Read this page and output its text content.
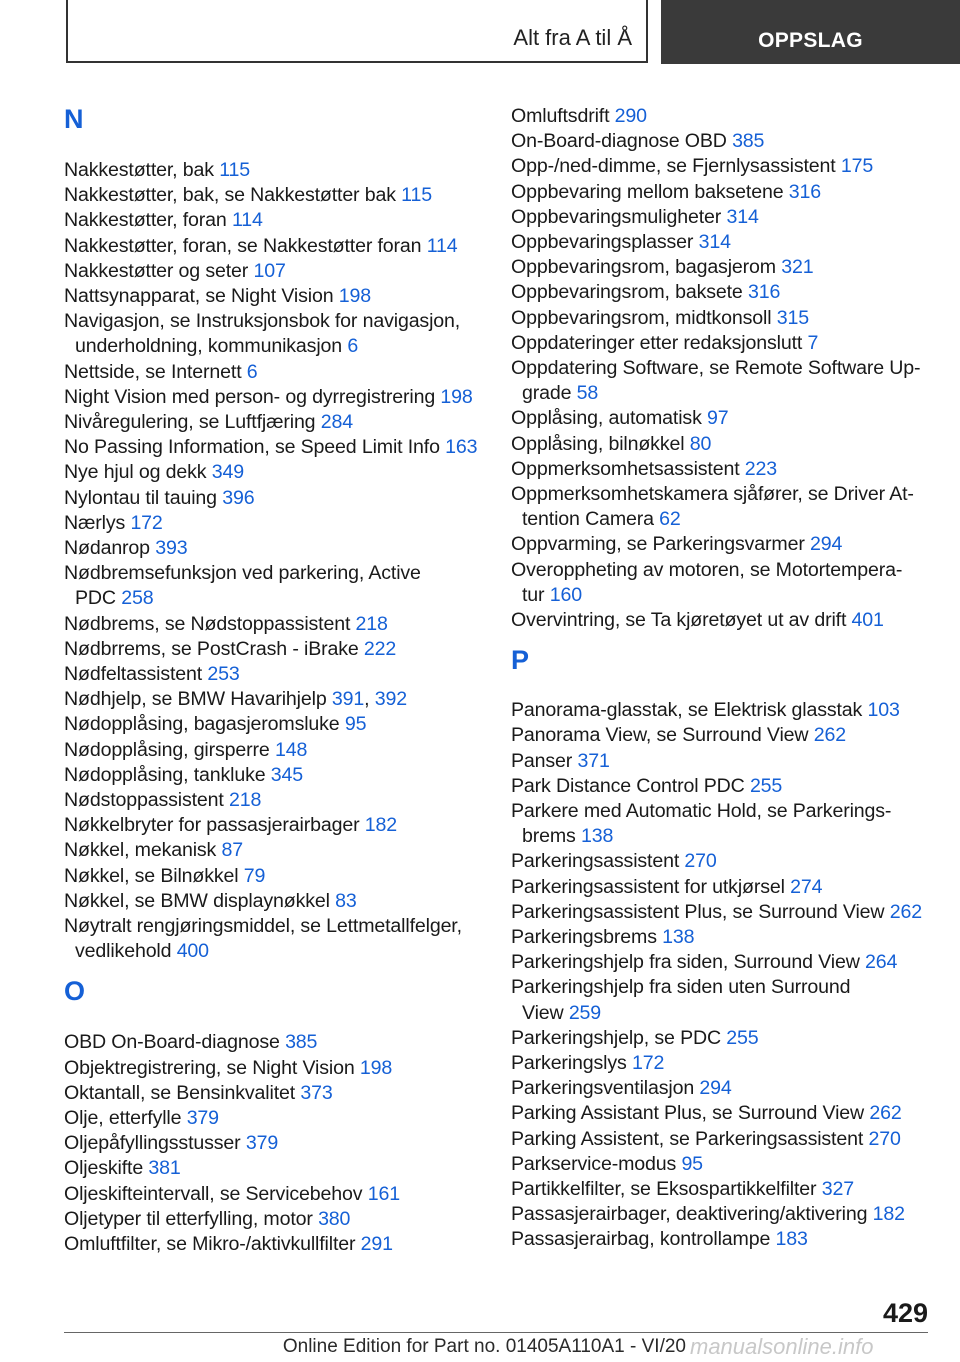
Alt fra A til Å	OPPSLAG
N
Nakkestøtter, bak 115
Nakkestøtter, bak, se Nakkestøtter bak 115
Nakkestøtter, foran 114
Nakkestøtter, foran, se Nakkestøtter foran 114
Nakkestøtter og seter 107
Nattsynapparat, se Night Vision 198
Navigasjon, se Instruksjonsbok for navigasjon,
underholdning, kommunikasjon 6
Nettside, se Internett 6
Night Vision med person- og dyrregistrering 198
Nivåregulering, se Luftfjæring 284
No Passing Information, se Speed Limit Info 163
Nye hjul og dekk 349
Nylontau til tauing 396
Nærlys 172
Nødanrop 393
Nødbremsefunksjon ved parkering, Active
PDC 258
Nødbrems, se Nødstoppassistent 218
Nødbrrems, se PostCrash - iBrake 222
Nødfeltassistent 253
Nødhjelp, se BMW Havarihjelp 391, 392
Nødopplåsing, bagasjeromsluke 95
Nødopplåsing, girsperre 148
Nødopplåsing, tankluke 345
Nødstoppassistent 218
Nøkkelbryter for passasjerairbager 182
Nøkkel, mekanisk 87
Nøkkel, se Bilnøkkel 79
Nøkkel, se BMW displaynøkkel 83
Nøytralt rengjøringsmiddel, se Lettmetallfelger,
vedlikehold 400
O
OBD On-Board-diagnose 385
Objektregistrering, se Night Vision 198
Oktantall, se Bensinkvalitet 373
Olje, etterfylle 379
Oljepåfyllingsstusser 379
Oljeskifte 381
Oljeskifteintervall, se Servicebehov 161
Oljetyper til etterfylling, motor 380
Omluftfilter, se Mikro-/aktivkullfilter 291
Omluftsdrift 290
On-Board-diagnose OBD 385
Opp-/ned-dimme, se Fjernlysassistent 175
Oppbevaring mellom baksetene 316
Oppbevaringsmuligheter 314
Oppbevaringsplasser 314
Oppbevaringsrom, bagasjerom 321
Oppbevaringsrom, baksete 316
Oppbevaringsrom, midtkonsoll 315
Oppdateringer etter redaksjonslutt 7
Oppdatering Software, se Remote Software Up-
grade 58
Opplåsing, automatisk 97
Opplåsing, bilnøkkel 80
Oppmerksomhetsassistent 223
Oppmerksomhetskamera sjåfører, se Driver At-
tention Camera 62
Oppvarming, se Parkeringsvarmer 294
Overoppheting av motoren, se Motortempera-
tur 160
Overvintring, se Ta kjøretøyet ut av drift 401
P
Panorama-glasstak, se Elektrisk glasstak 103
Panorama View, se Surround View 262
Panser 371
Park Distance Control PDC 255
Parkere med Automatic Hold, se Parkerings-
brems 138
Parkeringsassistent 270
Parkeringsassistent for utkjørsel 274
Parkeringsassistent Plus, se Surround View 262
Parkeringsbrems 138
Parkeringshjelp fra siden, Surround View 264
Parkeringshjelp fra siden uten Surround
View 259
Parkeringshjelp, se PDC 255
Parkeringslys 172
Parkeringsventilasjon 294
Parking Assistant Plus, se Surround View 262
Parking Assistent, se Parkeringsassistent 270
Parkservice-modus 95
Partikkelfilter, se Eksospartikkelfilter 327
Passasjerairbager, deaktivering/aktivering 182
Passasjerairbag, kontrollampe 183
429
manualsonline.info
Online Edition for Part no. 01405A110A1 - VI/20
